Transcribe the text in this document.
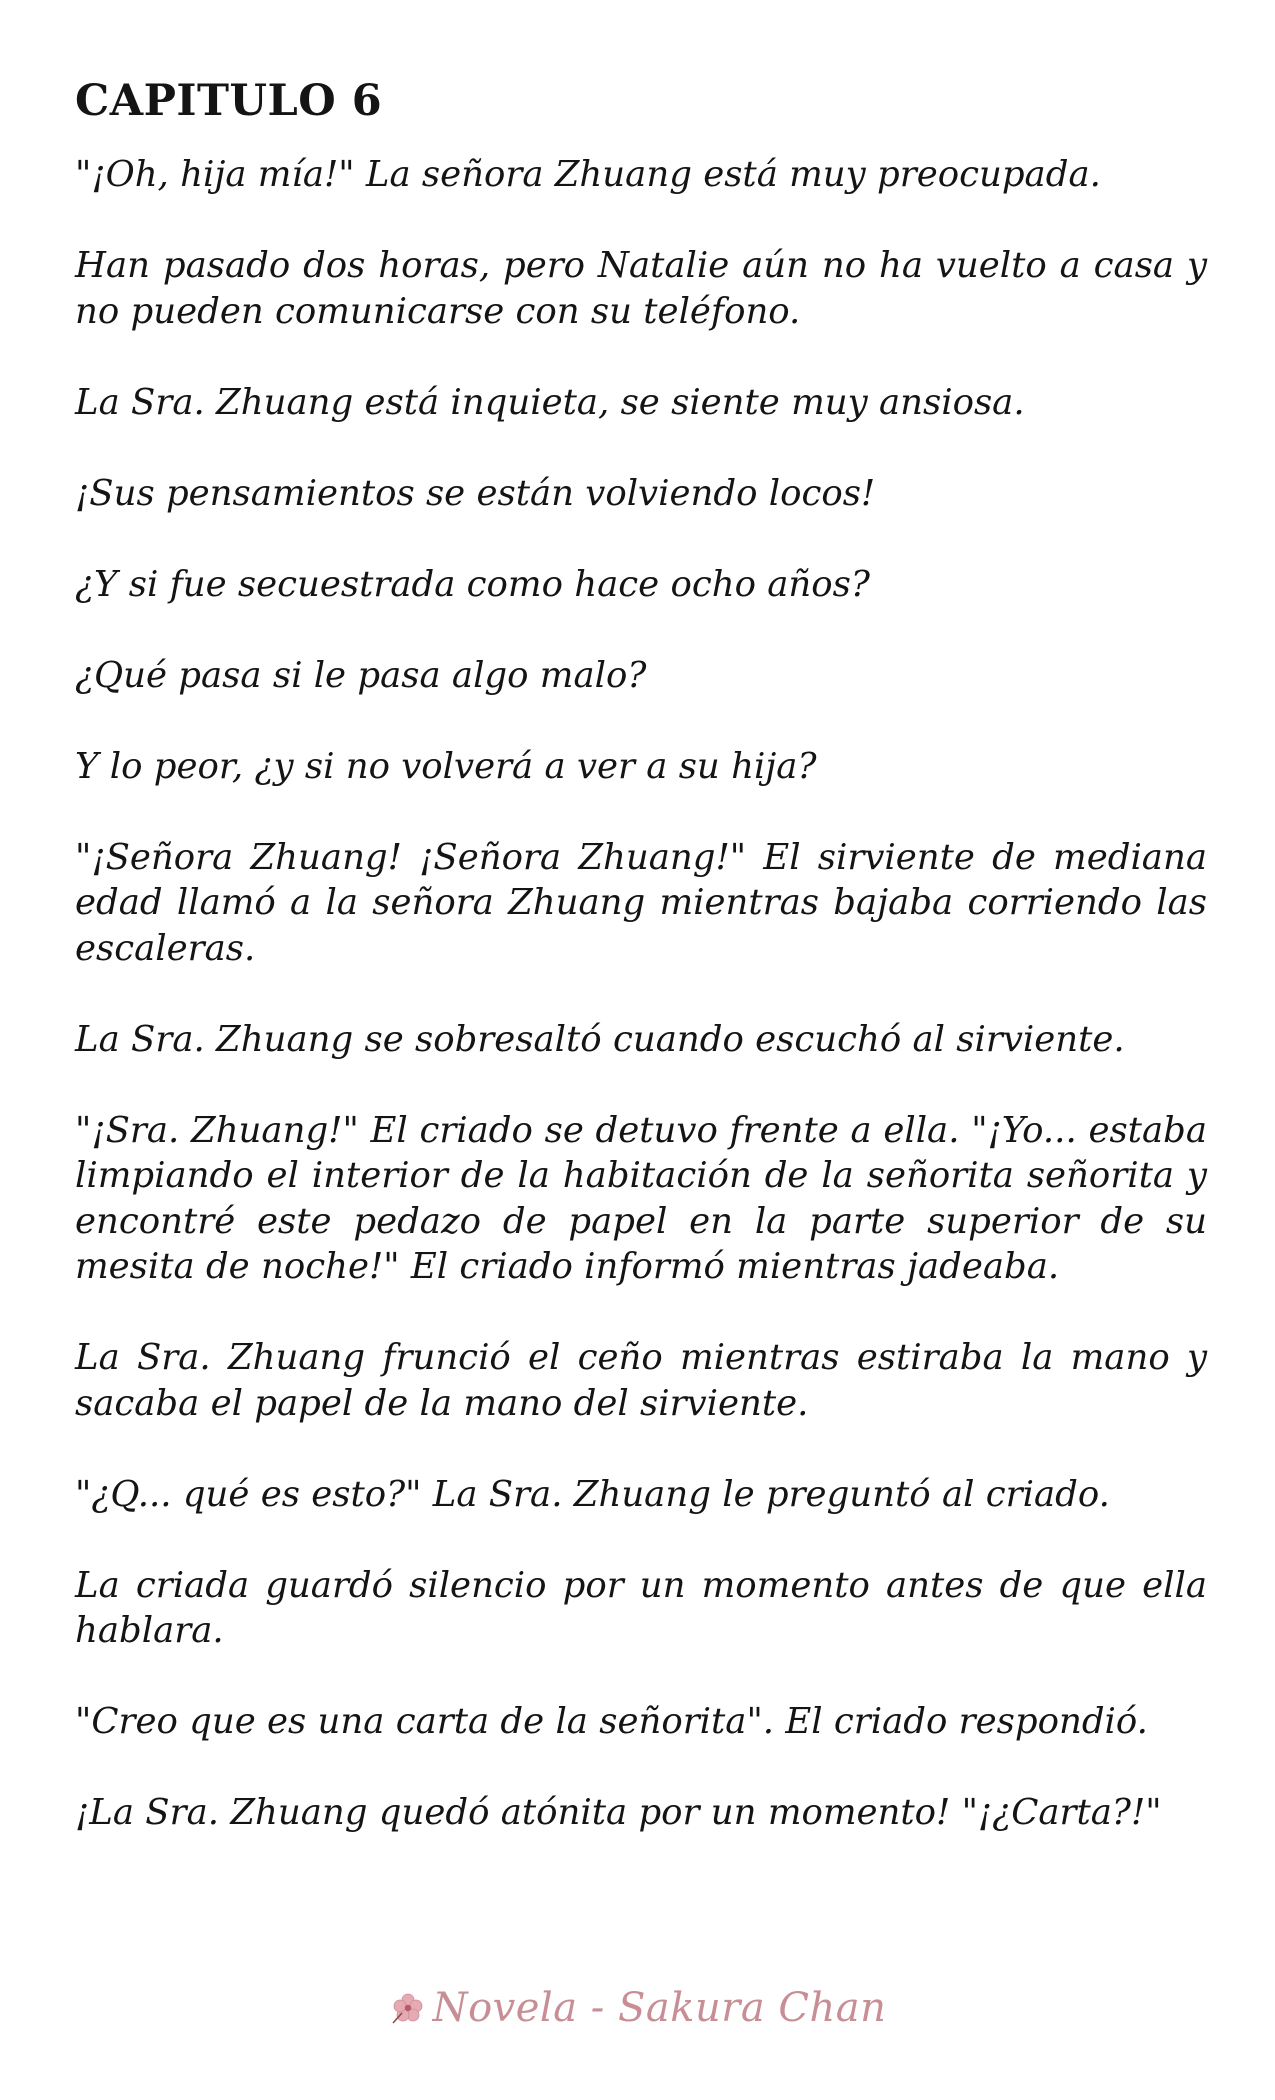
CAPITULO 6

"¡Oh, hija mía!" La señora Zhuang está muy preocupada.

Han pasado dos horas, pero Natalie aún no ha vuelto a casa y no pueden comunicarse con su teléfono.

La Sra. Zhuang está inquieta, se siente muy ansiosa.

¡Sus pensamientos se están volviendo locos!

¿Y si fue secuestrada como hace ocho años?

¿Qué pasa si le pasa algo malo?

Y lo peor, ¿y si no volverá a ver a su hija?

"¡Señora Zhuang! ¡Señora Zhuang!" El sirviente de mediana edad llamó a la señora Zhuang mientras bajaba corriendo las escaleras.

La Sra. Zhuang se sobresaltó cuando escuchó al sirviente.

"¡Sra. Zhuang!" El criado se detuvo frente a ella. "¡Yo... estaba limpiando el interior de la habitación de la señorita señorita y encontré este pedazo de papel en la parte superior de su mesita de noche!" El criado informó mientras jadeaba.

La Sra. Zhuang frunció el ceño mientras estiraba la mano y sacaba el papel de la mano del sirviente.

"¿Q... qué es esto?" La Sra. Zhuang le preguntó al criado.

La criada guardó silencio por un momento antes de que ella hablara.

"Creo que es una carta de la señorita". El criado respondió.

¡La Sra. Zhuang quedó atónita por un momento! "¡¿Carta?!"

Novela - Sakura Chan
